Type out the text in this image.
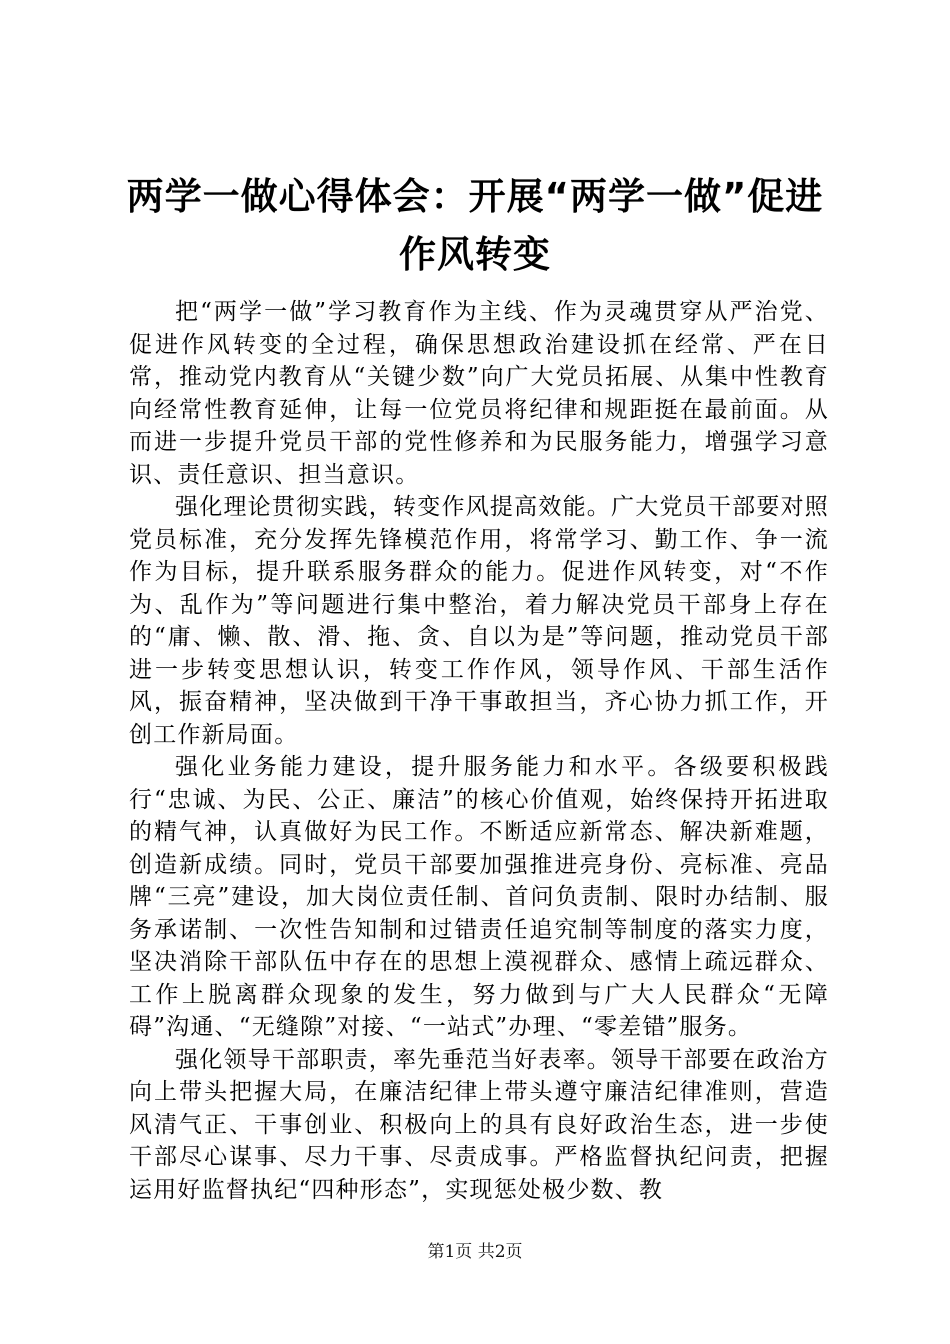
两学一做心得体会：开展“两学一做”促进作风转变

把“两学一做”学习教育作为主线、作为灵魂贯穿从严治党、促进作风转变的全过程，确保思想政治建设抓在经常、严在日常，推动党内教育从“关键少数”向广大党员拓展、从集中性教育向经常性教育延伸，让每一位党员将纪律和规距挺在最前面。从而进一步提升党员干部的党性修养和为民服务能力，增强学习意识、责任意识、担当意识。

强化理论贯彻实践，转变作风提高效能。广大党员干部要对照党员标准，充分发挥先锋模范作用，将常学习、勤工作、争一流作为目标，提升联系服务群众的能力。促进作风转变，对“不作为、乱作为”等问题进行集中整治，着力解决党员干部身上存在的“庸、懒、散、滑、拖、贪、自以为是”等问题，推动党员干部进一步转变思想认识，转变工作作风，领导作风、干部生活作风，振奋精神，坚决做到干净干事敢担当，齐心协力抓工作，开创工作新局面。

强化业务能力建设，提升服务能力和水平。各级要积极践行“忠诚、为民、公正、廉洁”的核心价值观，始终保持开拓进取的精气神，认真做好为民工作。不断适应新常态、解决新难题，创造新成绩。同时，党员干部要加强推进亮身份、亮标准、亮品牌“三亮”建设，加大岗位责任制、首问负责制、限时办结制、服务承诺制、一次性告知制和过错责任追究制等制度的落实力度，坚决消除干部队伍中存在的思想上漠视群众、感情上疏远群众、工作上脱离群众现象的发生，努力做到与广大人民群众“无障碍”沟通、“无缝隙”对接、“一站式”办理、“零差错”服务。

强化领导干部职责，率先垂范当好表率。领导干部要在政治方向上带头把握大局，在廉洁纪律上带头遵守廉洁纪律准则，营造风清气正、干事创业、积极向上的具有良好政治生态，进一步使干部尽心谋事、尽力干事、尽责成事。严格监督执纪问责，把握运用好监督执纪“四种形态”，实现惩处极少数、教

第1页 共2页
